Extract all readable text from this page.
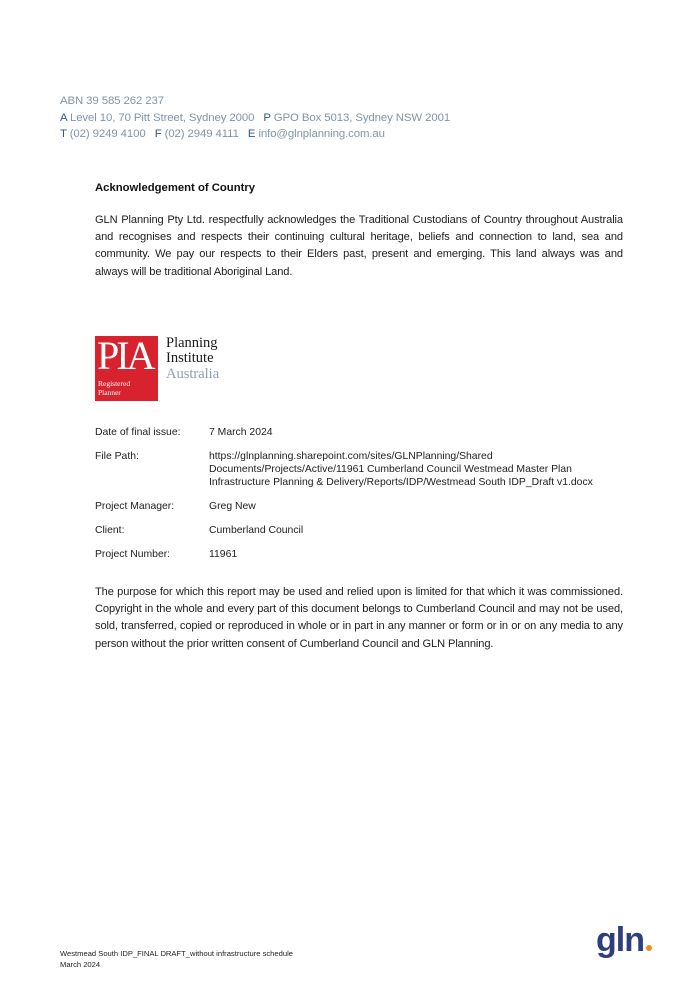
ABN 39 585 262 237
A Level 10, 70 Pitt Street, Sydney 2000 P GPO Box 5013, Sydney NSW 2001
T (02) 9249 4100 F (02) 2949 4111 E info@glnplanning.com.au
Acknowledgement of Country
GLN Planning Pty Ltd. respectfully acknowledges the Traditional Custodians of Country throughout Australia and recognises and respects their continuing cultural heritage, beliefs and connection to land, sea and community. We pay our respects to their Elders past, present and emerging. This land always was and always will be traditional Aboriginal Land.
PIA
Registered
Planner
Planning
Institute
Australia
Date of final issue:	7 March 2024
File Path:	https://glnplanning.sharepoint.com/sites/GLNPlanning/Shared Documents/Projects/Active/11961 Cumberland Council Westmead Master Plan Infrastructure Planning & Delivery/Reports/IDP/Westmead South IDP_Draft v1.docx
Project Manager:	Greg New
Client:	Cumberland Council
Project Number:	11961
The purpose for which this report may be used and relied upon is limited for that which it was commissioned. Copyright in the whole and every part of this document belongs to Cumberland Council and may not be used, sold, transferred, copied or reproduced in whole or in part in any manner or form or in or on any media to any person without the prior written consent of Cumberland Council and GLN Planning.
Westmead South IDP_FINAL DRAFT_without infrastructure schedule
March 2024
gln
